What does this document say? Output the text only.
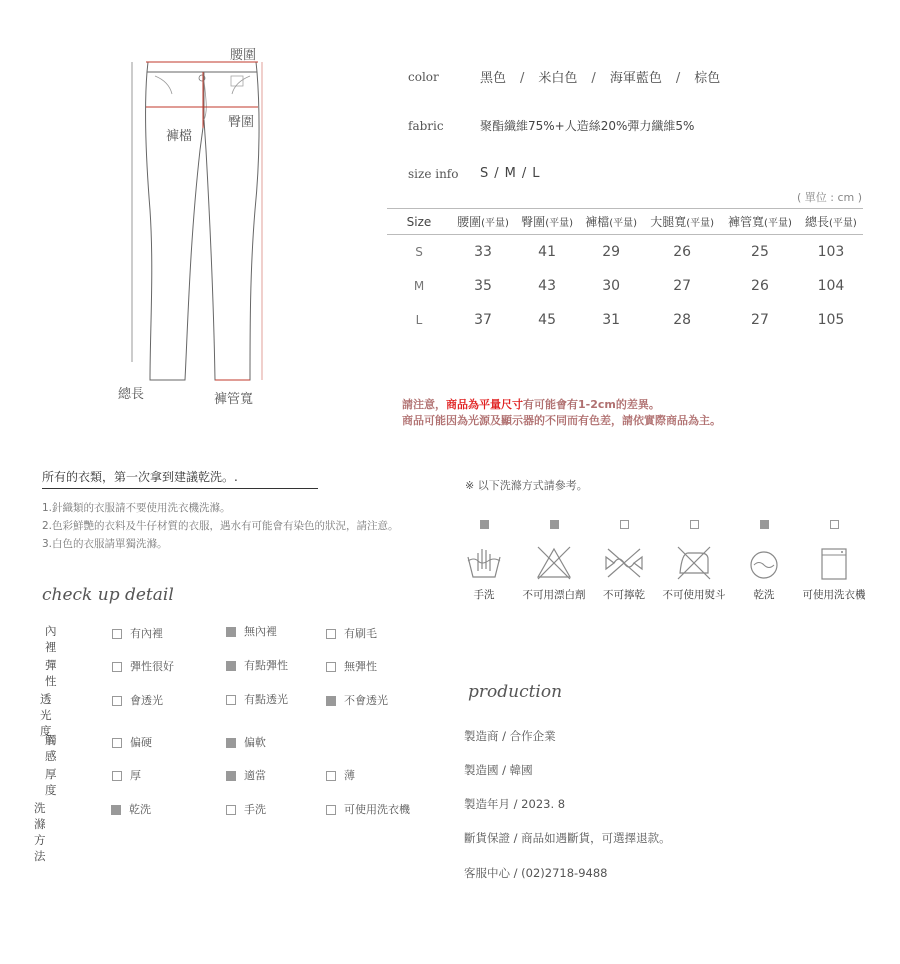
腰圍
褲檔
臀圍
總長	褲管寬
color	黑色 / 米白色 / 海軍藍色 / 棕色
fabric	聚酯纖維75%+人造絲20%彈力纖維5%
size info S / M / L
( 單位 : cm )
Size	腰圍(平量)	臀圍(平量)	褲檔(平量)	大腿寬(平量)	褲管寬(平量)	總長(平量)
S	33	41	29	26	25	103
M	35	43	30	27	26	104
L	37	45	31	28	27	105
請注意，商品為平量尺寸有可能會有1-2cm的差異。
商品可能因為光源及顯示器的不同而有色差，請依實際商品為主。
所有的衣類，第一次拿到建議乾洗。.
1.針織類的衣服請不要使用洗衣機洗滌。
2.色彩鮮艷的衣料及牛仔材質的衣服，遇水有可能會有染色的狀況，請注意。
3.白色的衣服請單獨洗滌。
check up detail
內裡
有內裡	無內裡	有刷毛
彈性
彈性很好	有點彈性	無彈性
透光度
會透光	有點透光	不會透光
觸感
偏硬	偏軟
厚度
厚	適當	薄
洗滌方法
乾洗	手洗	可使用洗衣機
※ 以下洗滌方式請參考。
手洗	不可用漂白劑	不可擰乾	不可使用熨斗	乾洗	可使用洗衣機
production
製造商 / 合作企業
製造國 / 韓國
製造年月 / 2023. 8
斷貨保證 / 商品如遇斷貨，可選擇退款。
客服中心 / (02)2718-9488
